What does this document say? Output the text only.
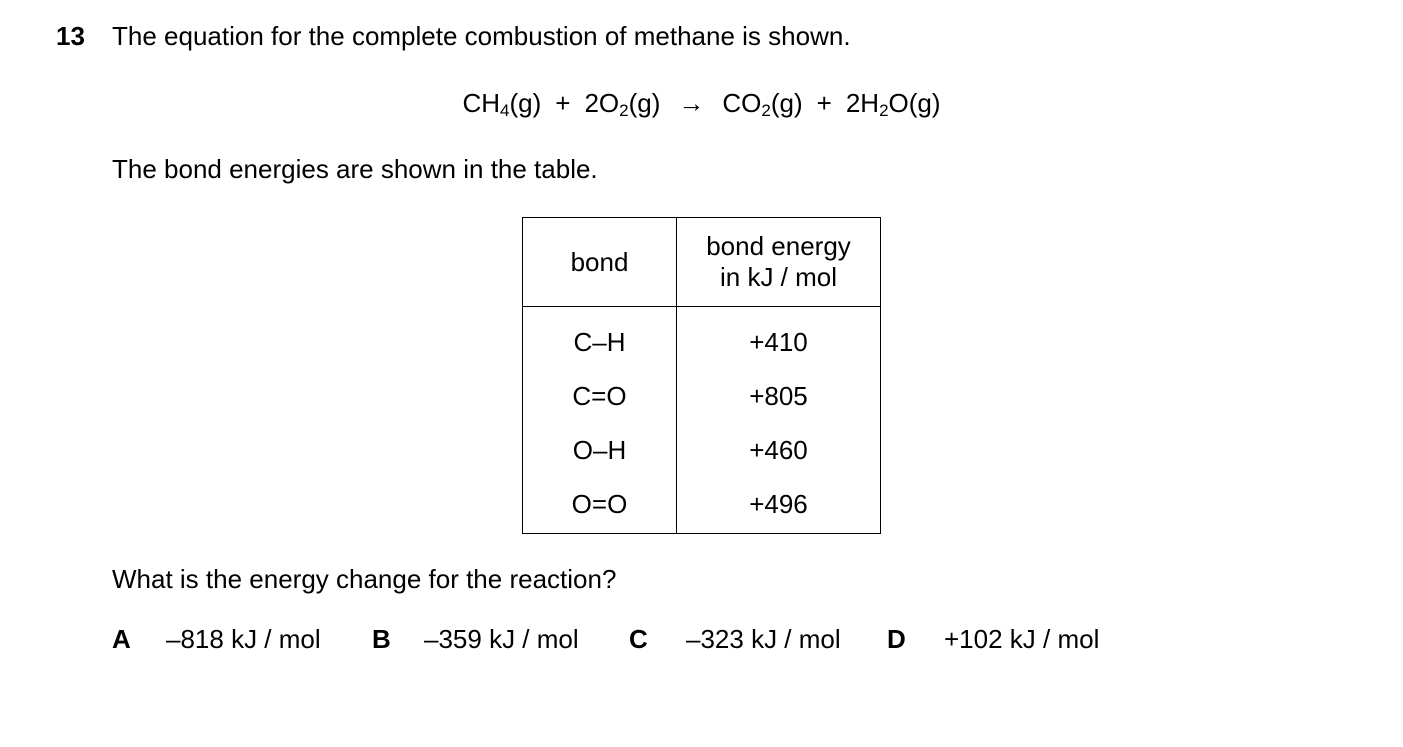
13 The equation for the complete combustion of methane is shown.
$CH_4(g) + 2O_2(g) \to CO_2(g) + 2H_2O(g)$
The bond energies are shown in the table.
bond	bond energy
in kJ / mol

C–H	+410
C=O	+805
O–H	+460
O=O	+496
What is the energy change for the reaction?
A	–818 kJ / mol B	–359 kJ / mol C	–323 kJ / mol D	+102 kJ / mol
